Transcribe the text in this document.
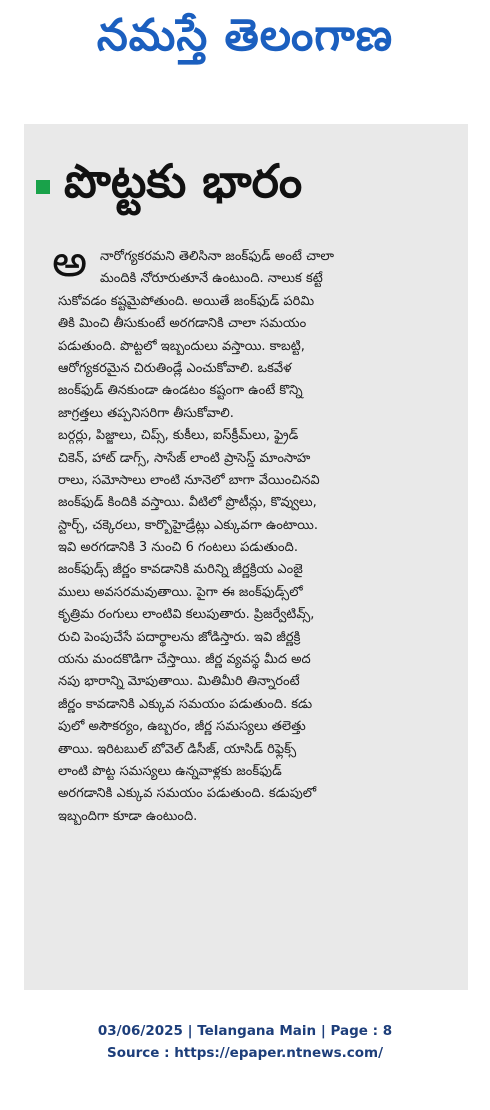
నమస్తే తెలంగాణ
పొట్టకు భారం
అ నారోగ్యకరమని తెలిసినా జంక్‌ఫుడ్ అంటే చాలా
మందికి నోరూరుతూనే ఉంటుంది. నాలుక కట్టే
సుకోవడం కష్టమైపోతుంది. అయితే జంక్‌ఫుడ్ పరిమి
తికి మించి తీసుకుంటే అరగడానికి చాలా సమయం
పడుతుంది. పొట్టలో ఇబ్బందులు వస్తాయి. కాబట్టి,
ఆరోగ్యకరమైన చిరుతిండ్లే ఎంచుకోవాలి. ఒకవేళ
జంక్‌ఫుడ్ తినకుండా ఉండటం కష్టంగా ఉంటే కొన్ని
జాగ్రత్తలు తప్పనిసరిగా తీసుకోవాలి.
బర్గర్లు, పిజ్జాలు, చిప్స్, కుకీలు, ఐస్‌క్రీమ్‌లు, ఫ్రైడ్
చికెన్, హాట్ డాగ్స్, సాసేజ్ లాంటి ప్రాసెస్డ్ మాంసాహ
రాలు, సమోసాలు లాంటి నూనెలో బాగా వేయించినవి
జంక్‌ఫుడ్ కిందికి వస్తాయి. వీటిలో ప్రొటీన్లు, కొవ్వులు,
స్టార్చ్, చక్కెరలు, కార్బొహైడ్రేట్లు ఎక్కువగా ఉంటాయి.
ఇవి అరగడానికి 3 నుంచి 6 గంటలు పడుతుంది.
జంక్‌ఫుడ్స్ జీర్ణం కావడానికి మరిన్ని జీర్ణక్రియ ఎంజై
ములు అవసరమవుతాయి. పైగా ఈ జంక్‌ఫుడ్స్‌లో
కృత్రిమ రంగులు లాంటివి కలుపుతారు. ప్రిజర్వేటివ్స్,
రుచి పెంపుచేసే పదార్థాలను జోడిస్తారు. ఇవి జీర్ణక్రి
యను మందకొడిగా చేస్తాయి. జీర్ణ వ్యవస్థ మీద అద
నపు భారాన్ని మోపుతాయి. మితిమీరి తిన్నారంటే
జీర్ణం కావడానికి ఎక్కువ సమయం పడుతుంది. కడు
పులో అసౌకర్యం, ఉబ్బరం, జీర్ణ సమస్యలు తలెత్తు
తాయి. ఇరిటబుల్ బోవెల్ డిసీజ్, యాసిడ్ రిఫ్లెక్స్
లాంటి పొట్ట సమస్యలు ఉన్నవాళ్లకు జంక్‌ఫుడ్
అరగడానికి ఎక్కువ సమయం పడుతుంది. కడుపులో
ఇబ్బందిగా కూడా ఉంటుంది.
03/06/2025 | Telangana Main | Page : 8
Source : https://epaper.ntnews.com/
